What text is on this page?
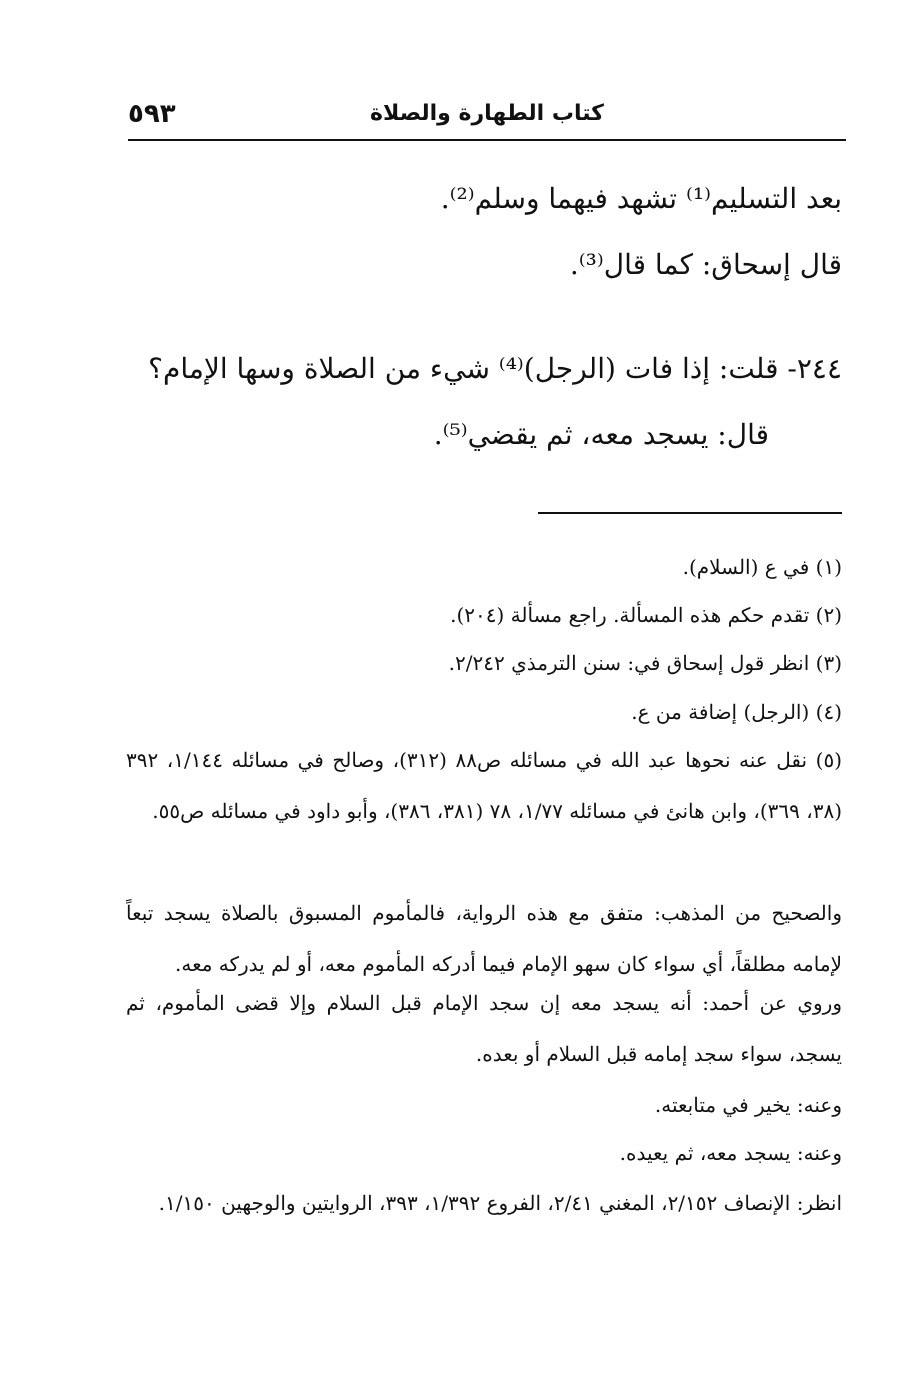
٥٩٣	كتاب الطهارة والصلاة
بعد التسليم⁽¹⁾ تشهد فيهما وسلم⁽²⁾.
قال إسحاق: كما قال⁽³⁾.
٢٤٤- قلت: إذا فات (الرجل)⁽⁴⁾ شيء من الصلاة وسها الإمام؟
قال: يسجد معه، ثم يقضي⁽⁵⁾.
(١) في ع (السلام).
(٢) تقدم حكم هذه المسألة. راجع مسألة (٢٠٤).
(٣) انظر قول إسحاق في: سنن الترمذي ٢/٢٤٢.
(٤) (الرجل) إضافة من ع.
(٥) نقل عنه نحوها عبد الله في مسائله ص٨٨ (٣١٢)، وصالح في مسائله ١/١٤٤، ٣٩٢ (٣٨، ٣٦٩)، وابن هانئ في مسائله ١/٧٧، ٧٨ (٣٨١، ٣٨٦)، وأبو داود في مسائله ص٥٥.
والصحيح من المذهب: متفق مع هذه الرواية، فالمأموم المسبوق بالصلاة يسجد تبعاً لإمامه مطلقاً، أي سواء كان سهو الإمام فيما أدركه المأموم معه، أو لم يدركه معه.
وروي عن أحمد: أنه يسجد معه إن سجد الإمام قبل السلام وإلا قضى المأموم، ثم يسجد، سواء سجد إمامه قبل السلام أو بعده.
وعنه: يخير في متابعته.
وعنه: يسجد معه، ثم يعيده.
انظر: الإنصاف ٢/١٥٢، المغني ٢/٤١، الفروع ١/٣٩٢، ٣٩٣، الروايتين والوجهين ١/١٥٠.
